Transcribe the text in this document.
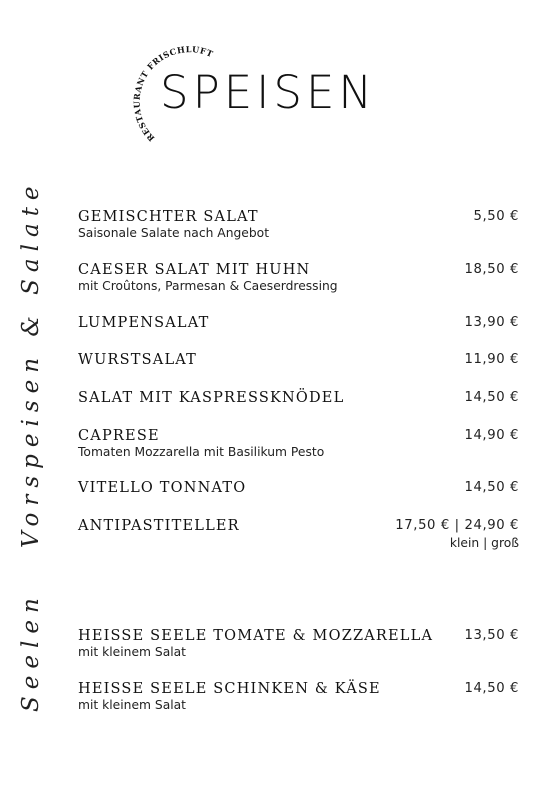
RESTAURANT FRISCHLUFT
SPEISEN
Vorspeisen & Salate
Seelen
GEMISCHTER SALAT
Saisonale Salate nach Angebot
5,50 €
CAESER SALAT MIT HUHN
mit Croûtons, Parmesan & Caeserdressing
18,50 €
LUMPENSALAT	13,90 €
WURSTSALAT	11,90 €
SALAT MIT KASPRESSKNÖDEL	14,50 €
CAPRESE
Tomaten Mozzarella mit Basilikum Pesto
14,90 €
VITELLO TONNATO	14,50 €
ANTIPASTITELLER	17,50 € | 24,90 €
klein | groß
HEISSE SEELE TOMATE & MOZZARELLA
mit kleinem Salat
13,50 €
HEISSE SEELE SCHINKEN & KÄSE
mit kleinem Salat
14,50 €
